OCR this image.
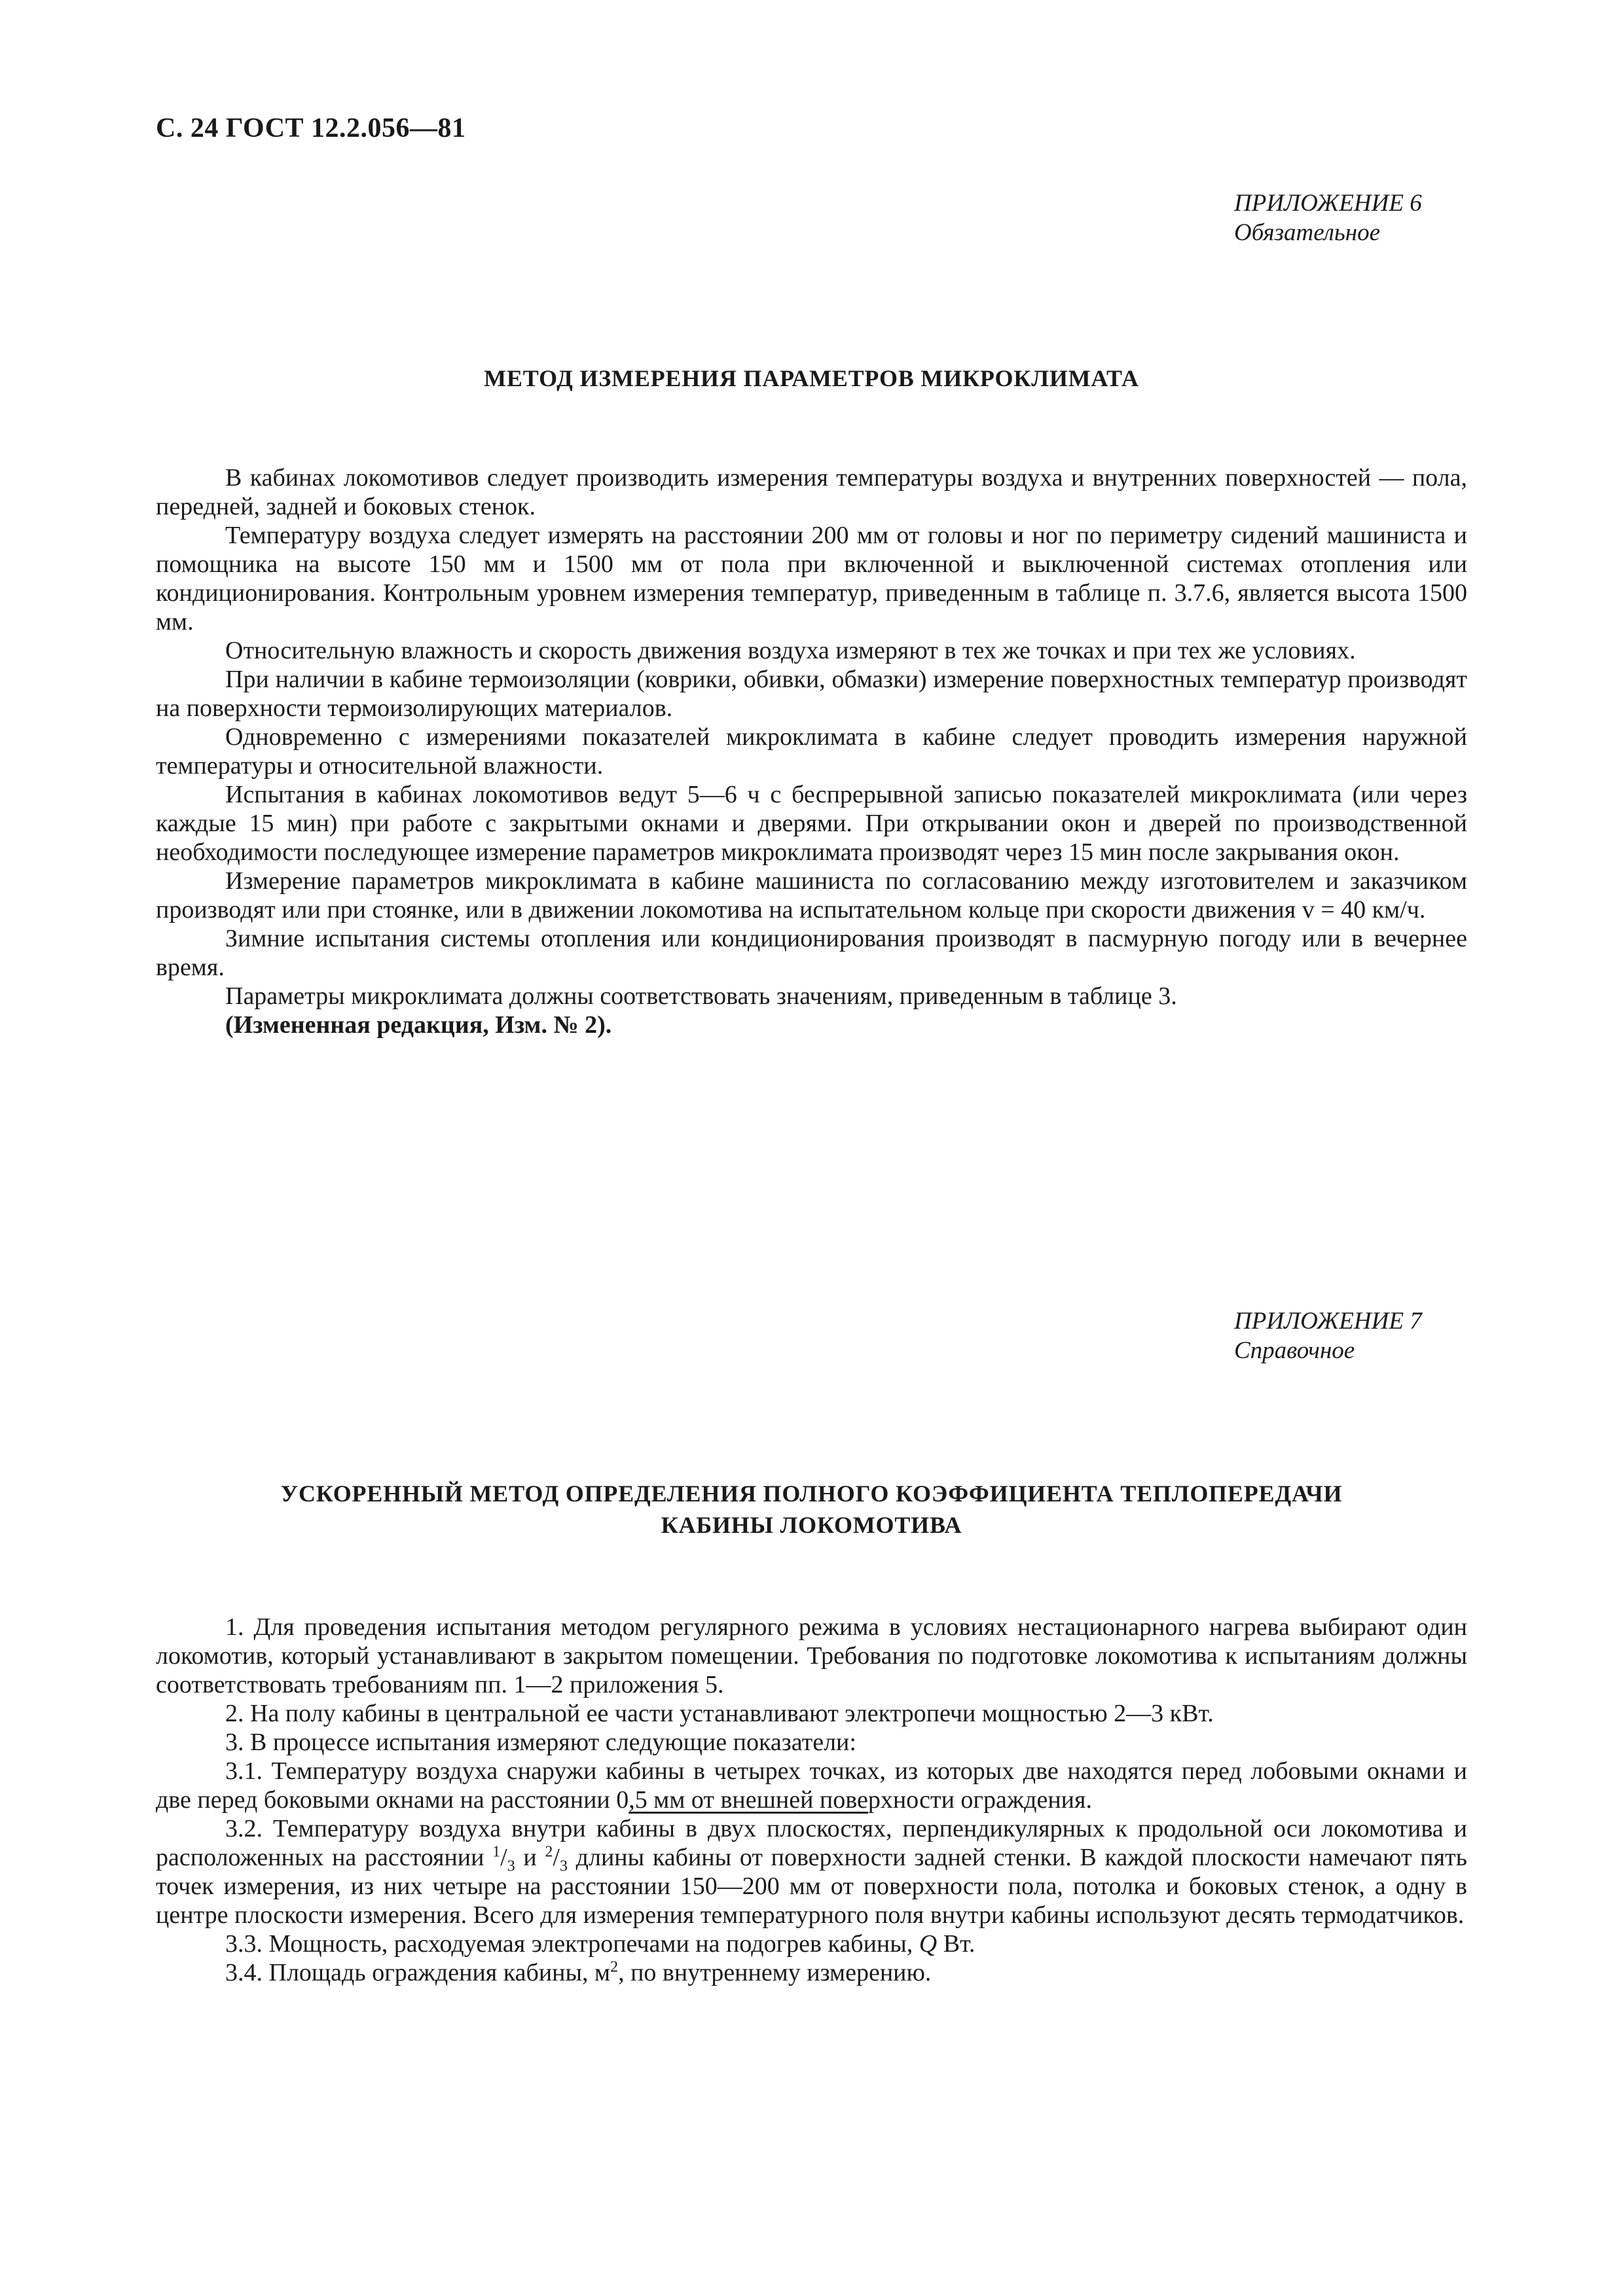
С. 24 ГОСТ 12.2.056—81
ПРИЛОЖЕНИЕ 6
Обязательное
МЕТОД ИЗМЕРЕНИЯ ПАРАМЕТРОВ МИКРОКЛИМАТА

В кабинах локомотивов следует производить измерения температуры воздуха и внутренних поверхностей — пола, передней, задней и боковых стенок.

Температуру воздуха следует измерять на расстоянии 200 мм от головы и ног по периметру сидений машиниста и помощника на высоте 150 мм и 1500 мм от пола при включенной и выключенной системах отопления или кондиционирования. Контрольным уровнем измерения температур, приведенным в таблице п. 3.7.6, является высота 1500 мм.

Относительную влажность и скорость движения воздуха измеряют в тех же точках и при тех же условиях.

При наличии в кабине термоизоляции (коврики, обивки, обмазки) измерение поверхностных температур производят на поверхности термоизолирующих материалов.

Одновременно с измерениями показателей микроклимата в кабине следует проводить измерения наружной температуры и относительной влажности.

Испытания в кабинах локомотивов ведут 5—6 ч с беспрерывной записью показателей микроклимата (или через каждые 15 мин) при работе с закрытыми окнами и дверями. При открывании окон и дверей по производственной необходимости последующее измерение параметров микроклимата производят через 15 мин после закрывания окон.

Измерение параметров микроклимата в кабине машиниста по согласованию между изготовителем и заказчиком производят или при стоянке, или в движении локомотива на испытательном кольце при скорости движения v = 40 км/ч.

Зимние испытания системы отопления или кондиционирования производят в пасмурную погоду или в вечернее время.

Параметры микроклимата должны соответствовать значениям, приведенным в таблице 3.

(Измененная редакция, Изм. № 2).

ПРИЛОЖЕНИЕ 7
Справочное
УСКОРЕННЫЙ МЕТОД ОПРЕДЕЛЕНИЯ ПОЛНОГО КОЭФФИЦИЕНТА ТЕПЛОПЕРЕДАЧИ
КАБИНЫ ЛОКОМОТИВА

1. Для проведения испытания методом регулярного режима в условиях нестационарного нагрева выбирают один локомотив, который устанавливают в закрытом помещении. Требования по подготовке локомотива к испытаниям должны соответствовать требованиям пп. 1—2 приложения 5.

2. На полу кабины в центральной ее части устанавливают электропечи мощностью 2—3 кВт.

3. В процессе испытания измеряют следующие показатели:

3.1. Температуру воздуха снаружи кабины в четырех точках, из которых две находятся перед лобовыми окнами и две перед боковыми окнами на расстоянии 0,5 мм от внешней поверхности ограждения.

3.2. Температуру воздуха внутри кабины в двух плоскостях, перпендикулярных к продольной оси локомотива и расположенных на расстоянии $^1/_3$ и $^2/_3$ длины кабины от поверхности задней стенки. В каждой плоскости намечают пять точек измерения, из них четыре на расстоянии 150—200 мм от поверхности пола, потолка и боковых стенок, а одну в центре плоскости измерения. Всего для измерения температурного поля внутри кабины используют десять термодатчиков.

3.3. Мощность, расходуемая электропечами на подогрев кабины, Q Вт.

3.4. Площадь ограждения кабины, $м^2$, по внутреннему измерению.
